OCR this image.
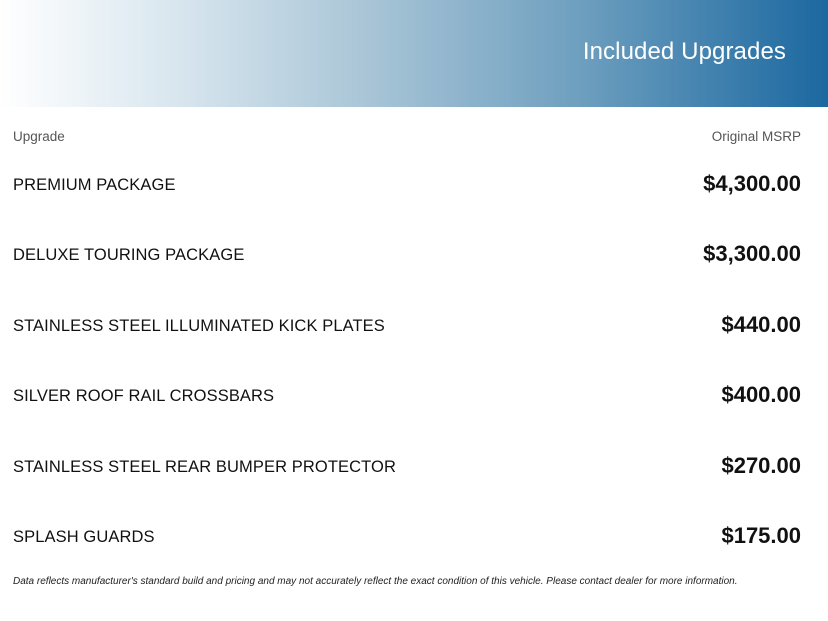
Included Upgrades
Upgrade	Original MSRP
PREMIUM PACKAGE	$4,300.00
DELUXE TOURING PACKAGE	$3,300.00
STAINLESS STEEL ILLUMINATED KICK PLATES	$440.00
SILVER ROOF RAIL CROSSBARS	$400.00
STAINLESS STEEL REAR BUMPER PROTECTOR	$270.00
SPLASH GUARDS	$175.00
Data reflects manufacturer's standard build and pricing and may not accurately reflect the exact condition of this vehicle. Please contact dealer for more information.
